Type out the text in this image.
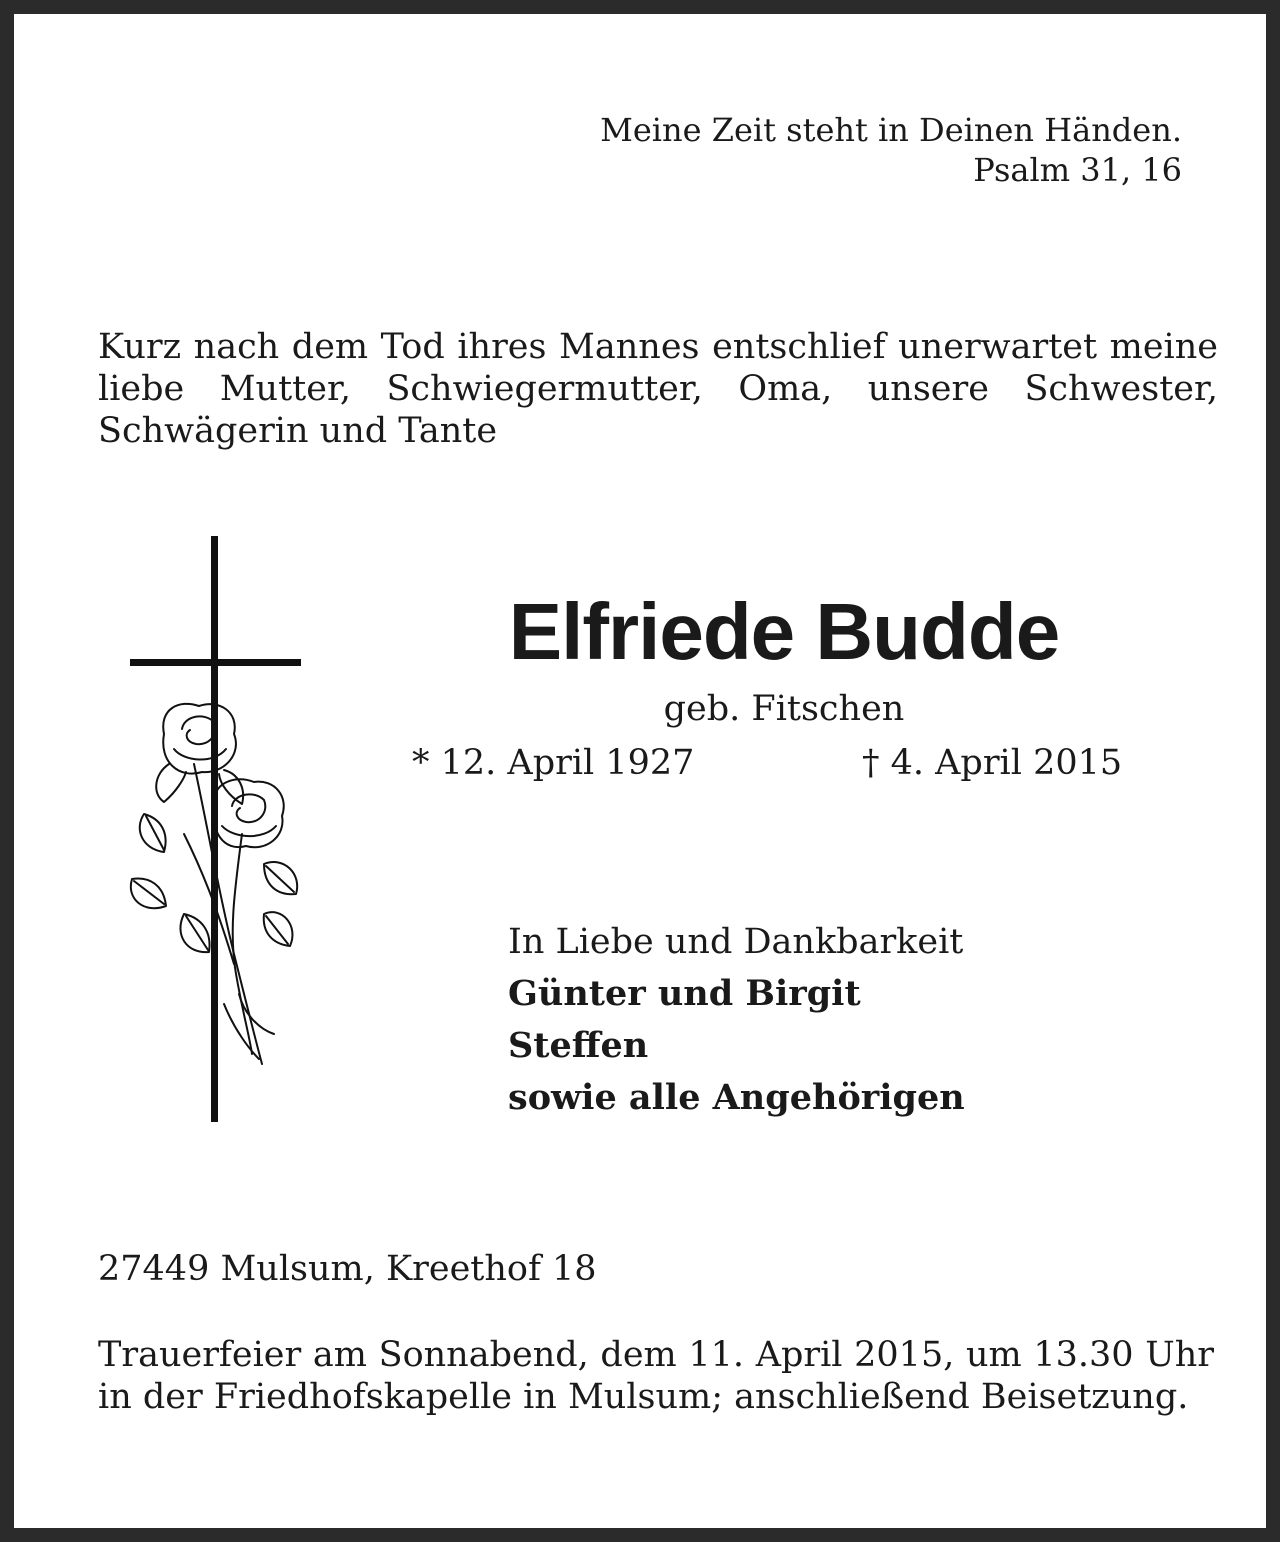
Meine Zeit steht in Deinen Händen.
Psalm 31, 16

Kurz nach dem Tod ihres Mannes entschlief unerwartet meine liebe Mutter, Schwiegermutter, Oma, unsere Schwester, Schwägerin und Tante

Elfriede Budde
geb. Fitschen
* 12. April 1927	† 4. April 2015
In Liebe und Dankbarkeit
Günter und Birgit
Steffen
sowie alle Angehörigen
27449 Mulsum, Kreethof 18

Trauerfeier am Sonnabend, dem 11. April 2015, um 13.30 Uhr in der Friedhofskapelle in Mulsum; anschließend Beisetzung.
